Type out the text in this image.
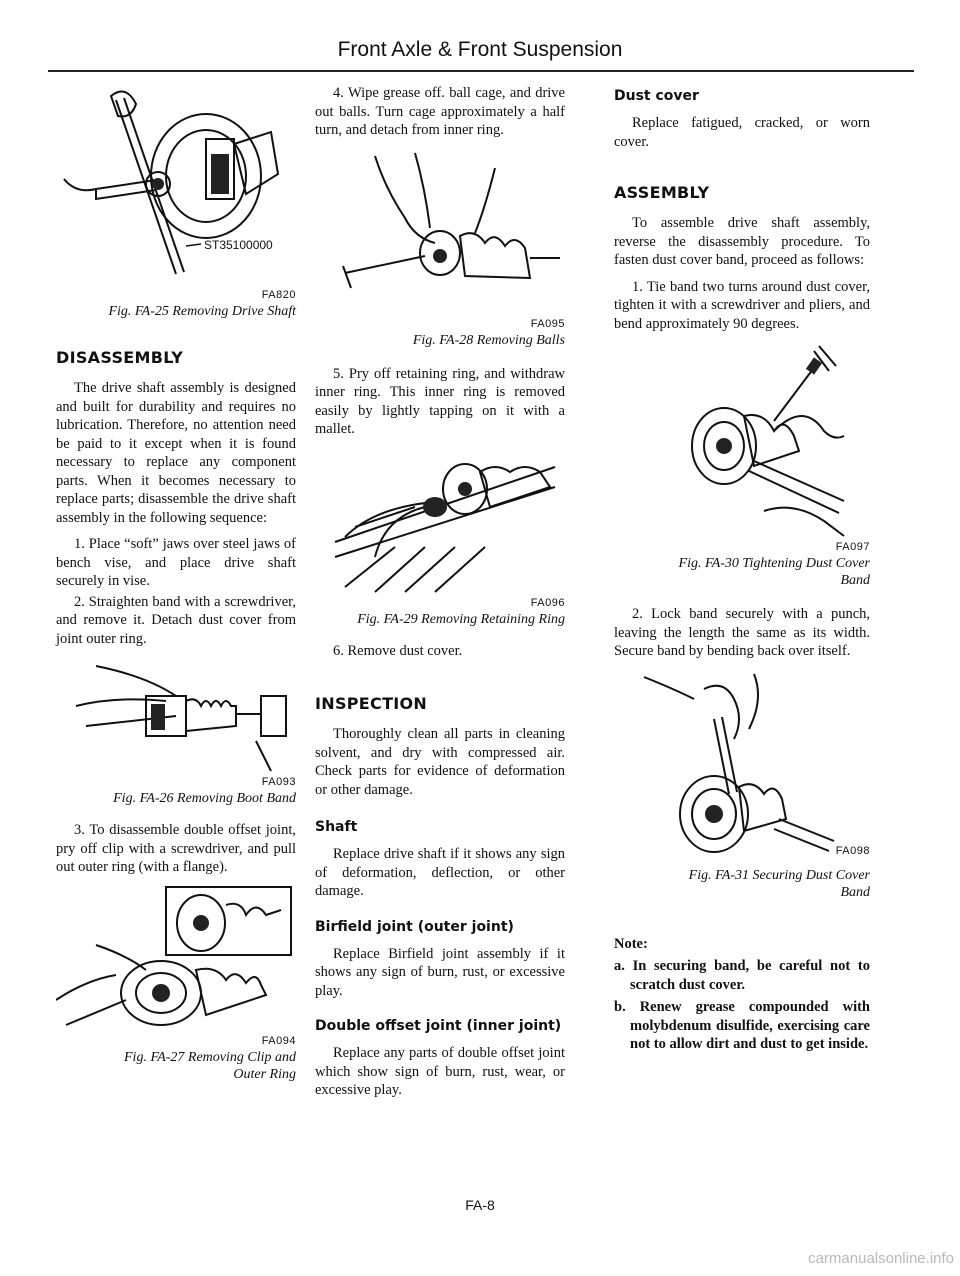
Front Axle & Front Suspension
ST35100000
FA820
Fig. FA-25 Removing Drive Shaft
DISASSEMBLY

The drive shaft assembly is designed and built for durability and requires no lubrication. Therefore, no attention need be paid to it except when it is found necessary to replace any component parts. When it becomes necessary to replace parts; disassemble the drive shaft assembly in the following sequence:

1. Place “soft” jaws over steel jaws of bench vise, and place drive shaft securely in vise.

2. Straighten band with a screwdriver, and remove it. Detach dust cover from joint outer ring.

FA093
Fig. FA-26 Removing Boot Band

3. To disassemble double offset joint, pry off clip with a screwdriver, and pull out outer ring (with a flange).

FA094
Fig. FA-27 Removing Clip and
Outer Ring

4. Wipe grease off. ball cage, and drive out balls. Turn cage approximately a half turn, and detach from inner ring.

FA095
Fig. FA-28 Removing Balls

5. Pry off retaining ring, and withdraw inner ring. This inner ring is removed easily by lightly tapping on it with a mallet.

FA096
Fig. FA-29 Removing Retaining Ring

6. Remove dust cover.

INSPECTION

Thoroughly clean all parts in cleaning solvent, and dry with compressed air. Check parts for evidence of deformation or other damage.

Shaft

Replace drive shaft if it shows any sign of deformation, deflection, or other damage.

Birfield joint (outer joint)

Replace Birfield joint assembly if it shows any sign of burn, rust, or excessive play.

Double offset joint (inner joint)

Replace any parts of double offset joint which show sign of burn, rust, wear, or excessive play.

Dust cover

Replace fatigued, cracked, or worn cover.

ASSEMBLY

To assemble drive shaft assembly, reverse the disassembly procedure. To fasten dust cover band, proceed as follows:

1. Tie band two turns around dust cover, tighten it with a screwdriver and pliers, and bend approximately 90 degrees.

FA097
Fig. FA-30 Tightening Dust Cover
Band

2. Lock band securely with a punch, leaving the length the same as its width. Secure band by bending back over itself.

FA098
Fig. FA-31 Securing Dust Cover
Band

Note:

a. In securing band, be careful not to scratch dust cover.

b. Renew grease compounded with molybdenum disulfide, exercising care not to allow dirt and dust to get inside.

FA-8
carmanualsonline.info
